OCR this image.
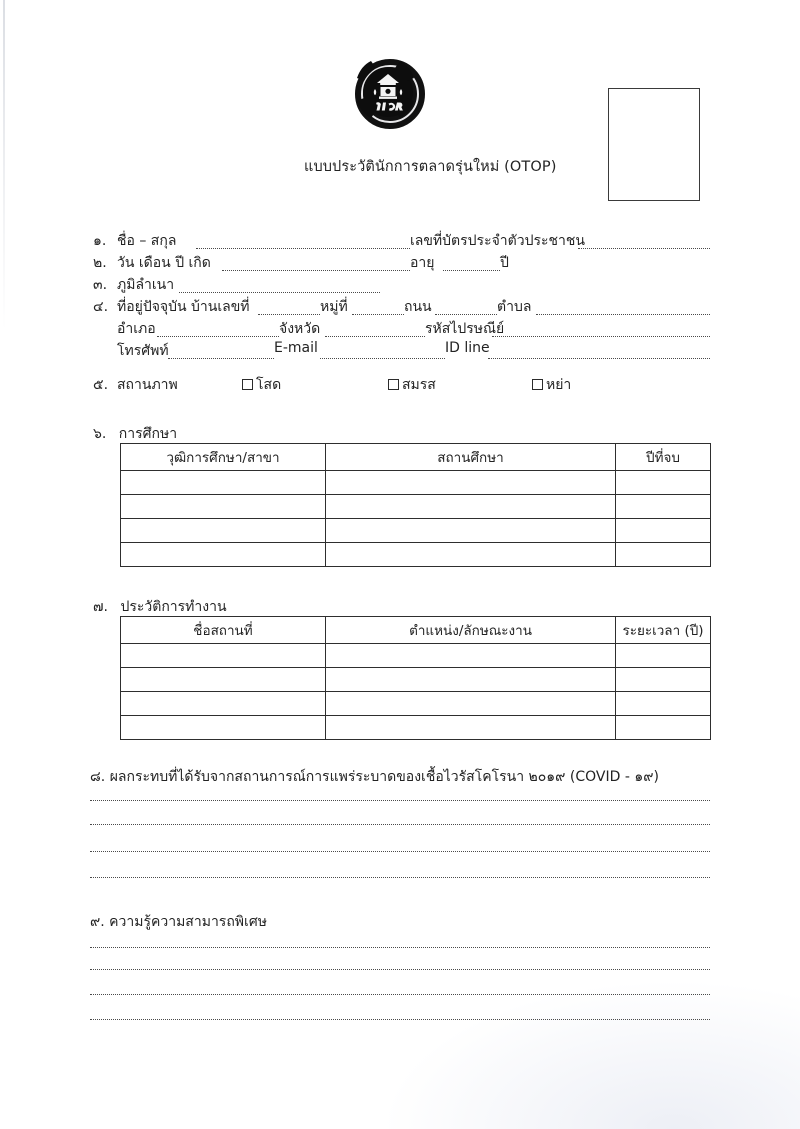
แบบประวัตินักการตลาดรุ่นใหม่ (OTOP)
๑. ชื่อ – สกุล	เลขที่บัตรประจำตัวประชาชน
๒. วัน เดือน ปี เกิด	อายุ	ปี
๓. ภูมิลำเนา
๔. ที่อยู่ปัจจุบัน บ้านเลขที่	หมู่ที่	ถนน	ตำบล
อำเภอ	จังหวัด	รหัสไปรษณีย์
โทรศัพท์	E-mail	ID line
๕. สถานภาพ	โสด	สมรส	หย่า
๖. การศึกษา
วุฒิการศึกษา/สาขา	สถานศึกษา	ปีที่จบ

๗. ประวัติการทำงาน
ชื่อสถานที่	ตำแหน่ง/ลักษณะงาน	ระยะเวลา (ปี)

๘. ผลกระทบที่ได้รับจากสถานการณ์การแพร่ระบาดของเชื้อไวรัสโคโรนา ๒๐๑๙ (COVID - ๑๙)
๙. ความรู้ความสามารถพิเศษ
